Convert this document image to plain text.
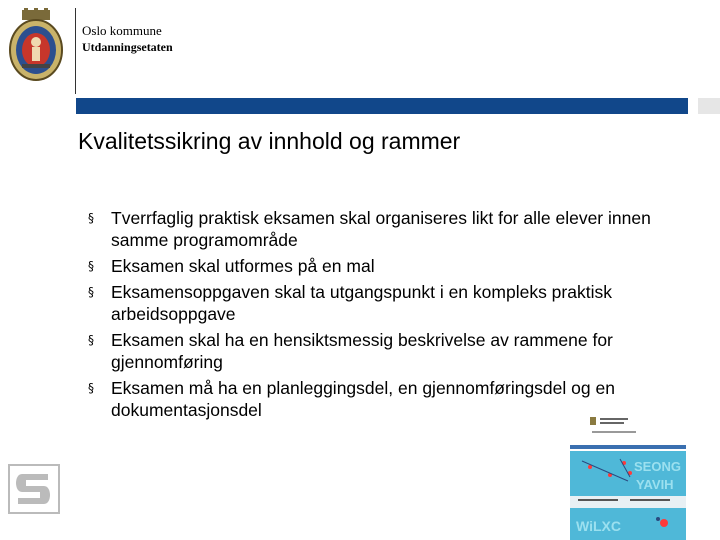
Oslo kommune
Utdanningsetaten
Kvalitetssikring av innhold og rammer
§ Tverrfaglig praktisk eksamen skal organiseres likt for alle elever innen samme programområde
§ Eksamen skal utformes på en mal
§ Eksamensoppgaven skal ta utgangspunkt i en kompleks praktisk arbeidsoppgave
§ Eksamen skal ha en hensiktsmessig beskrivelse av rammene for gjennomføring
§ Eksamen må ha en planleggingsdel, en gjennomføringsdel og en dokumentasjonsdel
SEONG
YAVIH
WiLXC
